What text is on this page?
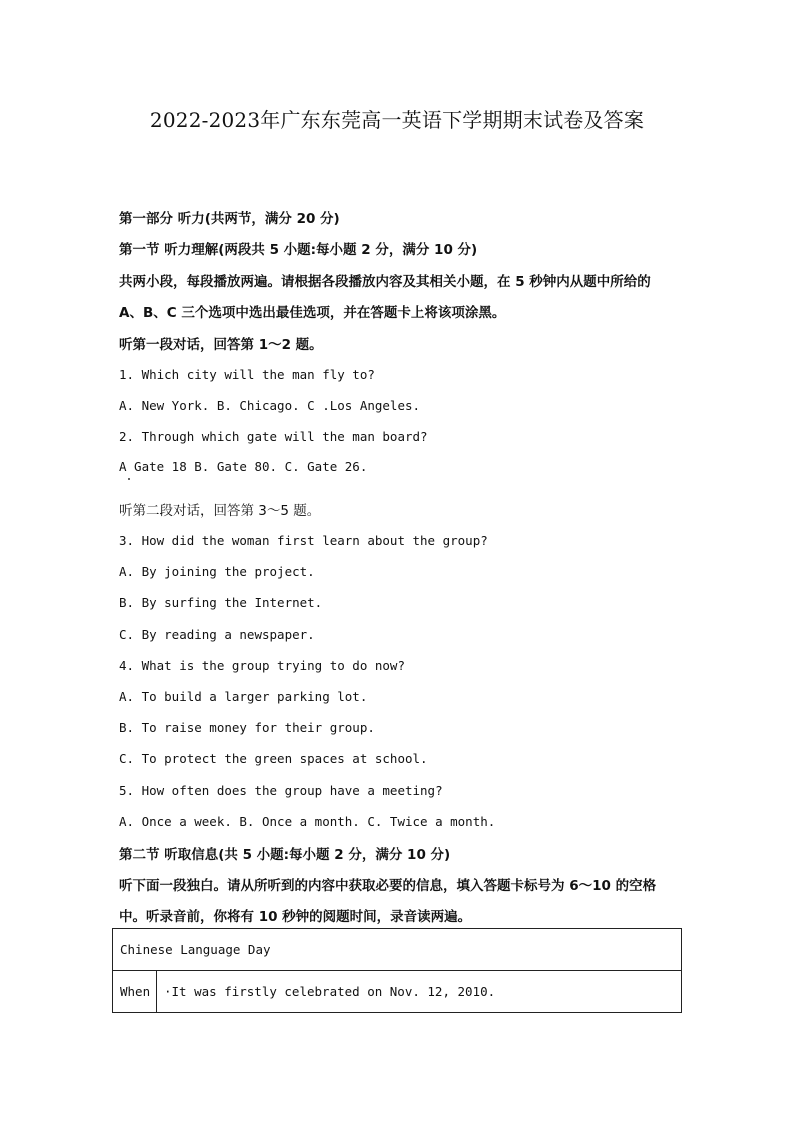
2022-2023年广东东莞高一英语下学期期末试卷及答案
第一部分 听力(共两节，满分 20 分)
第一节 听力理解(两段共 5 小题:每小题 2 分，满分 10 分)
共两小段，每段播放两遍。请根据各段播放内容及其相关小题，在 5 秒钟内从题中所给的
A、B、C 三个选项中选出最佳选项，并在答题卡上将该项涂黑。
听第一段对话，回答第 1～2 题。
1. Which city will the man fly to?
A. New York. B. Chicago. C .Los Angeles.
2. Through which gate will the man board?
A Gate 18 B. Gate 80. C. Gate 26.
听第二段对话，回答第 3～5 题。
3. How did the woman first learn about the group?
A. By joining the project.
B. By surfing the Internet.
C. By reading a newspaper.
4. What is the group trying to do now?
A. To build a larger parking lot.
B. To raise money for their group.
C. To protect the green spaces at school.
5. How often does the group have a meeting?
A. Once a week. B. Once a month. C. Twice a month.
第二节 听取信息(共 5 小题:每小题 2 分，满分 10 分)
听下面一段独白。请从所听到的内容中获取必要的信息，填入答题卡标号为 6～10 的空格
中。听录音前，你将有 10 秒钟的阅题时间，录音读两遍。
Chinese Language Day
When	·It was firstly celebrated on Nov. 12, 2010.
